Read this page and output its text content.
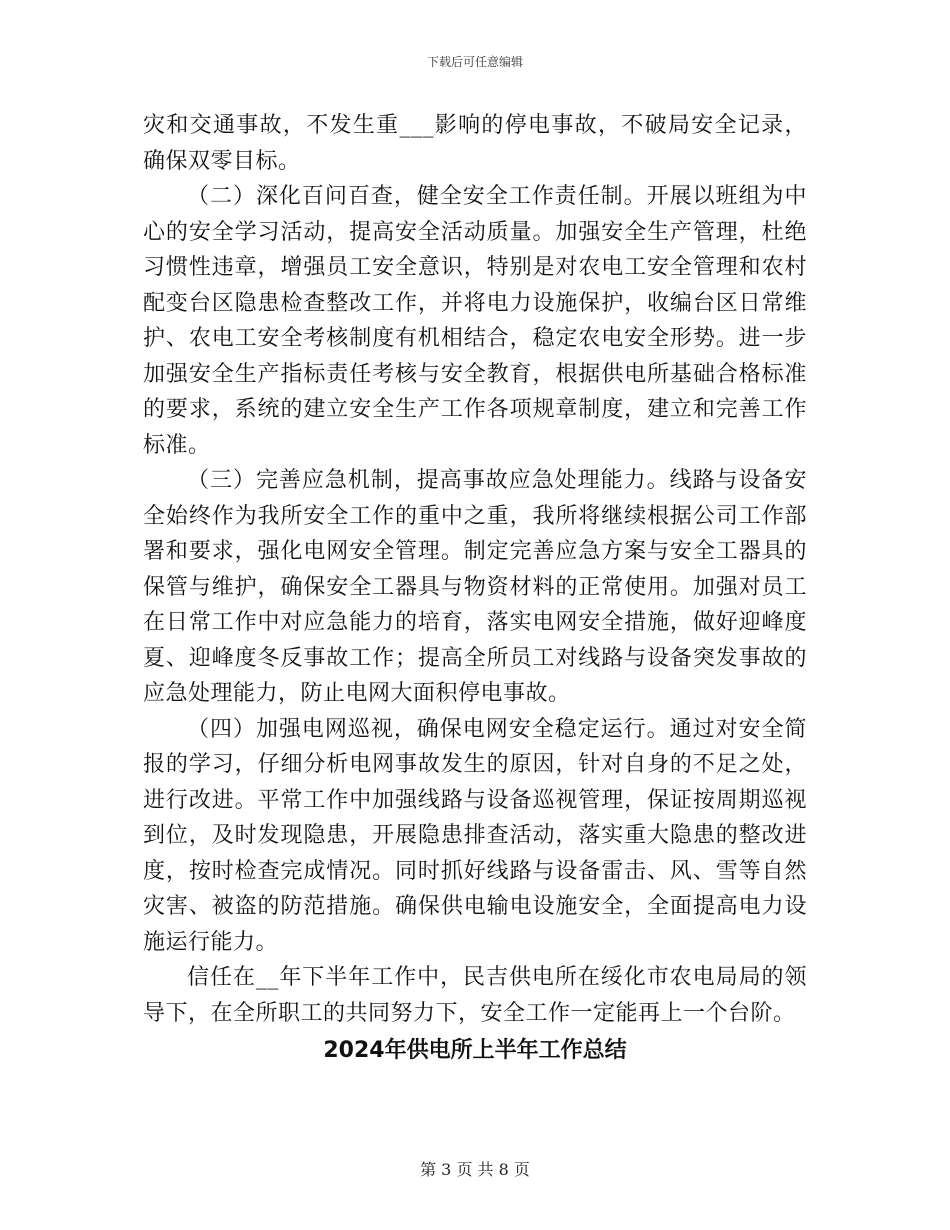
下载后可任意编辑

灾和交通事故，不发生重___影响的停电事故，不破局安全记录，确保双零目标。

（二）深化百问百查，健全安全工作责任制。开展以班组为中心的安全学习活动，提高安全活动质量。加强安全生产管理，杜绝习惯性违章，增强员工安全意识，特别是对农电工安全管理和农村配变台区隐患检查整改工作，并将电力设施保护，收编台区日常维护、农电工安全考核制度有机相结合，稳定农电安全形势。进一步加强安全生产指标责任考核与安全教育，根据供电所基础合格标准的要求，系统的建立安全生产工作各项规章制度，建立和完善工作标准。

（三）完善应急机制，提高事故应急处理能力。线路与设备安全始终作为我所安全工作的重中之重，我所将继续根据公司工作部署和要求，强化电网安全管理。制定完善应急方案与安全工器具的保管与维护，确保安全工器具与物资材料的正常使用。加强对员工在日常工作中对应急能力的培育，落实电网安全措施，做好迎峰度夏、迎峰度冬反事故工作；提高全所员工对线路与设备突发事故的应急处理能力，防止电网大面积停电事故。

（四）加强电网巡视，确保电网安全稳定运行。通过对安全简报的学习，仔细分析电网事故发生的原因，针对自身的不足之处，进行改进。平常工作中加强线路与设备巡视管理，保证按周期巡视到位，及时发现隐患，开展隐患排查活动，落实重大隐患的整改进度，按时检查完成情况。同时抓好线路与设备雷击、风、雪等自然灾害、被盗的防范措施。确保供电输电设施安全，全面提高电力设施运行能力。

信任在__年下半年工作中，民吉供电所在绥化市农电局局的领导下，在全所职工的共同努力下，安全工作一定能再上一个台阶。

2024年供电所上半年工作总结
第 3 页 共 8 页
